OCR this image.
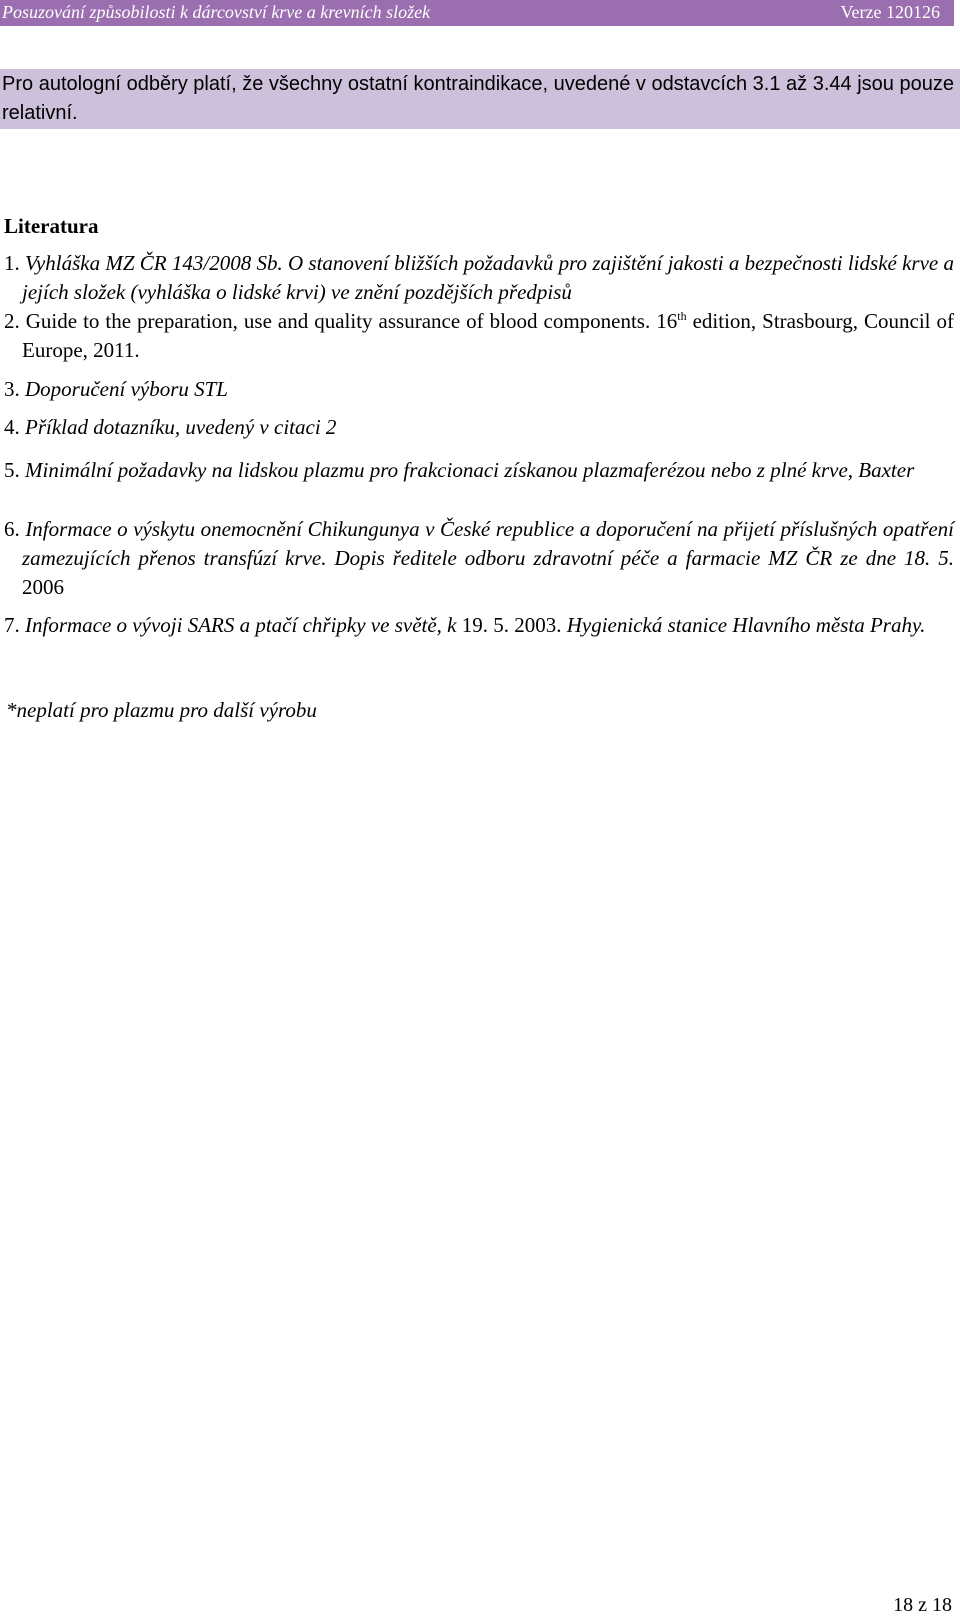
Posuzování způsobilosti k dárcovství krve a krevních složek	Verze 120126
Pro autologní odběry platí, že všechny ostatní kontraindikace, uvedené v odstavcích 3.1 až 3.44 jsou pouze relativní.
Literatura
1. Vyhláška MZ ČR 143/2008 Sb. O stanovení bližších požadavků pro zajištění jakosti a bezpečnosti lidské krve a jejích složek (vyhláška o lidské krvi) ve znění pozdějších předpisů
2. Guide to the preparation, use and quality assurance of blood components. 16th edition, Strasbourg, Council of Europe, 2011.
3. Doporučení výboru STL
4. Příklad dotazníku, uvedený v citaci 2
5. Minimální požadavky na lidskou plazmu pro frakcionaci získanou plazmaferézou nebo z plné krve, Baxter
6. Informace o výskytu onemocnění Chikungunya v České republice a doporučení na přijetí příslušných opatření zamezujících přenos transfúzí krve. Dopis ředitele odboru zdravotní péče a farmacie MZ ČR ze dne 18. 5. 2006
7. Informace o vývoji SARS a ptačí chřipky ve světě, k 19. 5. 2003. Hygienická stanice Hlavního města Prahy.
*neplatí pro plazmu pro další výrobu
18 z 18
